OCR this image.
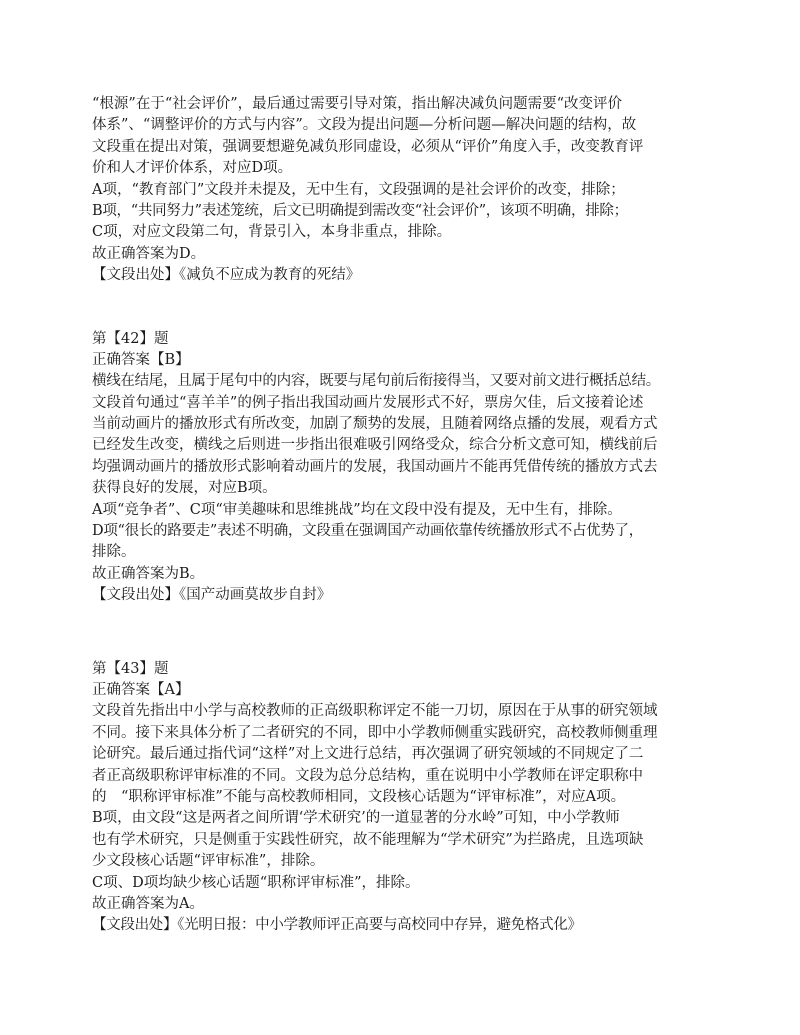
“根源”在于“社会评价”，最后通过需要引导对策，指出解决减负问题需要“改变评价
体系”、“调整评价的方式与内容”。文段为提出问题—分析问题—解决问题的结构，故
文段重在提出对策，强调要想避免减负形同虚设，必须从“评价”角度入手，改变教育评
价和人才评价体系，对应D项。
A项，“教育部门”文段并未提及，无中生有，文段强调的是社会评价的改变，排除；
B项，“共同努力”表述笼统，后文已明确提到需改变“社会评价”，该项不明确，排除；
C项，对应文段第二句，背景引入，本身非重点，排除。
故正确答案为D。
【文段出处】《减负不应成为教育的死结》
第【42】题
正确答案【B】
横线在结尾，且属于尾句中的内容，既要与尾句前后衔接得当，又要对前文进行概括总结。
文段首句通过“喜羊羊”的例子指出我国动画片发展形式不好，票房欠佳，后文接着论述
当前动画片的播放形式有所改变，加剧了颓势的发展，且随着网络点播的发展，观看方式
已经发生改变，横线之后则进一步指出很难吸引网络受众，综合分析文意可知，横线前后
均强调动画片的播放形式影响着动画片的发展，我国动画片不能再凭借传统的播放方式去
获得良好的发展，对应B项。
A项“竞争者”、C项“审美趣味和思维挑战”均在文段中没有提及，无中生有，排除。
D项“很长的路要走”表述不明确，文段重在强调国产动画依靠传统播放形式不占优势了，
排除。
故正确答案为B。
【文段出处】《国产动画莫故步自封》
第【43】题
正确答案【A】
文段首先指出中小学与高校教师的正高级职称评定不能一刀切，原因在于从事的研究领域
不同。接下来具体分析了二者研究的不同，即中小学教师侧重实践研究，高校教师侧重理
论研究。最后通过指代词“这样”对上文进行总结，再次强调了研究领域的不同规定了二
者正高级职称评审标准的不同。文段为总分总结构，重在说明中小学教师在评定职称中
的　“职称评审标准”不能与高校教师相同，文段核心话题为“评审标准”，对应A项。
B项，由文段“这是两者之间所谓‘学术研究’的一道显著的分水岭”可知，中小学教师
也有学术研究，只是侧重于实践性研究，故不能理解为“学术研究”为拦路虎，且选项缺
少文段核心话题“评审标准”，排除。
C项、D项均缺少核心话题“职称评审标准”，排除。
故正确答案为A。
【文段出处】《光明日报：中小学教师评正高要与高校同中存异，避免格式化》
